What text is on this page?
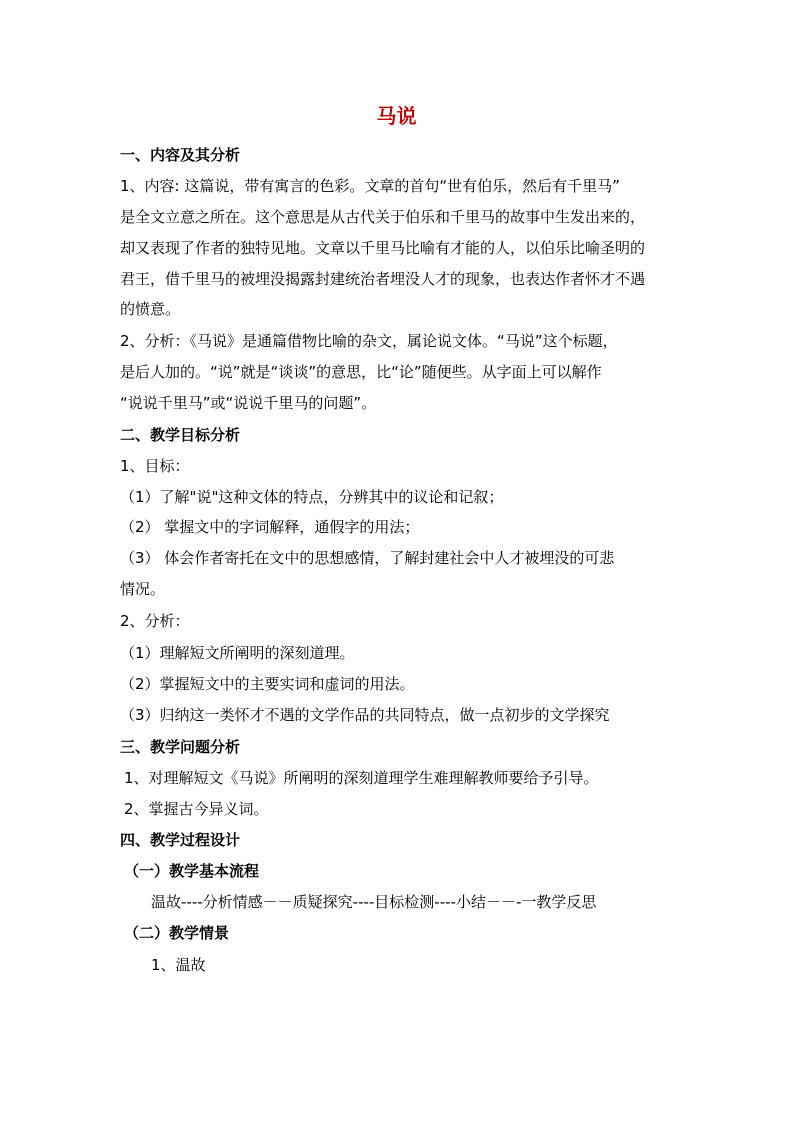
马说
一、内容及其分析
1、内容: 这篇说，带有寓言的色彩。文章的首句“世有伯乐，然后有千里马”
是全文立意之所在。这个意思是从古代关于伯乐和千里马的故事中生发出来的，
却又表现了作者的独特见地。文章以千里马比喻有才能的人，以伯乐比喻圣明的
君王，借千里马的被埋没揭露封建统治者埋没人才的现象，也表达作者怀才不遇
的愤意。
2、分析：《马说》是通篇借物比喻的杂文，属论说文体。“马说”这个标题，
是后人加的。“说”就是“谈谈”的意思，比“论”随便些。从字面上可以解作
“说说千里马”或“说说千里马的问题”。
二、教学目标分析
1、目标：
（1）了解"说"这种文体的特点，分辨其中的议论和记叙；
（2） 掌握文中的字词解释，通假字的用法；
（3） 体会作者寄托在文中的思想感情，了解封建社会中人才被埋没的可悲
情况。
2、分析：
（1）理解短文所阐明的深刻道理。
（2）掌握短文中的主要实词和虚词的用法。
（3）归纳这一类怀才不遇的文学作品的共同特点，做一点初步的文学探究
三、教学问题分析
1、对理解短文《马说》所阐明的深刻道理学生难理解教师要给予引导。
2、掌握古今异义词。
四、教学过程设计
（一）教学基本流程
温故----分析情感－－质疑探究----目标检测----小结－－-一教学反思
（二）教学情景
1、温故
